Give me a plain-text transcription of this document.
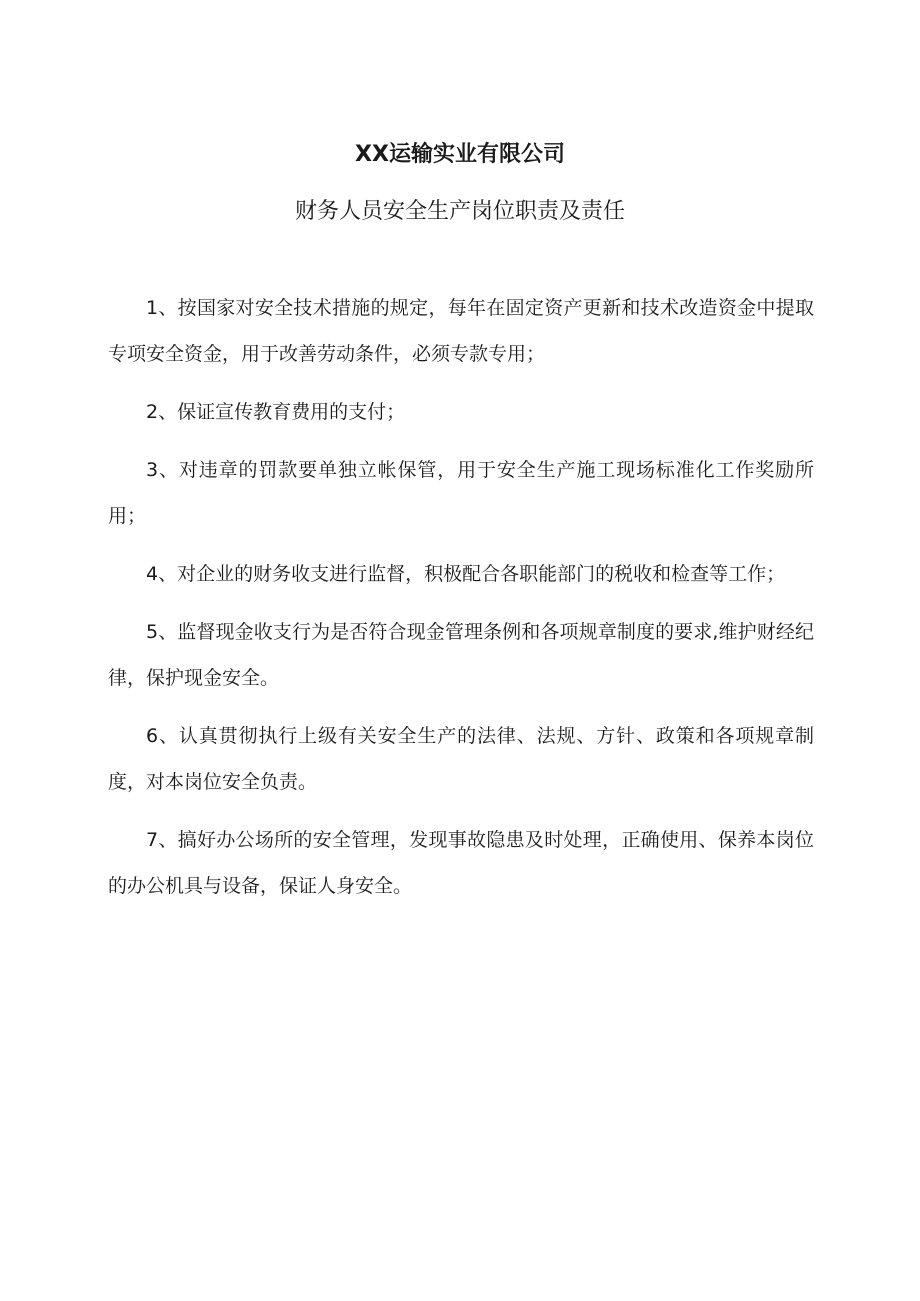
XX运输实业有限公司
财务人员安全生产岗位职责及责任

1、按国家对安全技术措施的规定，每年在固定资产更新和技术改造资金中提取专项安全资金，用于改善劳动条件，必须专款专用；

2、保证宣传教育费用的支付；

3、对违章的罚款要单独立帐保管，用于安全生产施工现场标准化工作奖励所用；

4、对企业的财务收支进行监督，积极配合各职能部门的税收和检查等工作；

5、监督现金收支行为是否符合现金管理条例和各项规章制度的要求,维护财经纪律，保护现金安全。

6、认真贯彻执行上级有关安全生产的法律、法规、方针、政策和各项规章制度，对本岗位安全负责。

7、搞好办公场所的安全管理，发现事故隐患及时处理，正确使用、保养本岗位的办公机具与设备，保证人身安全。
